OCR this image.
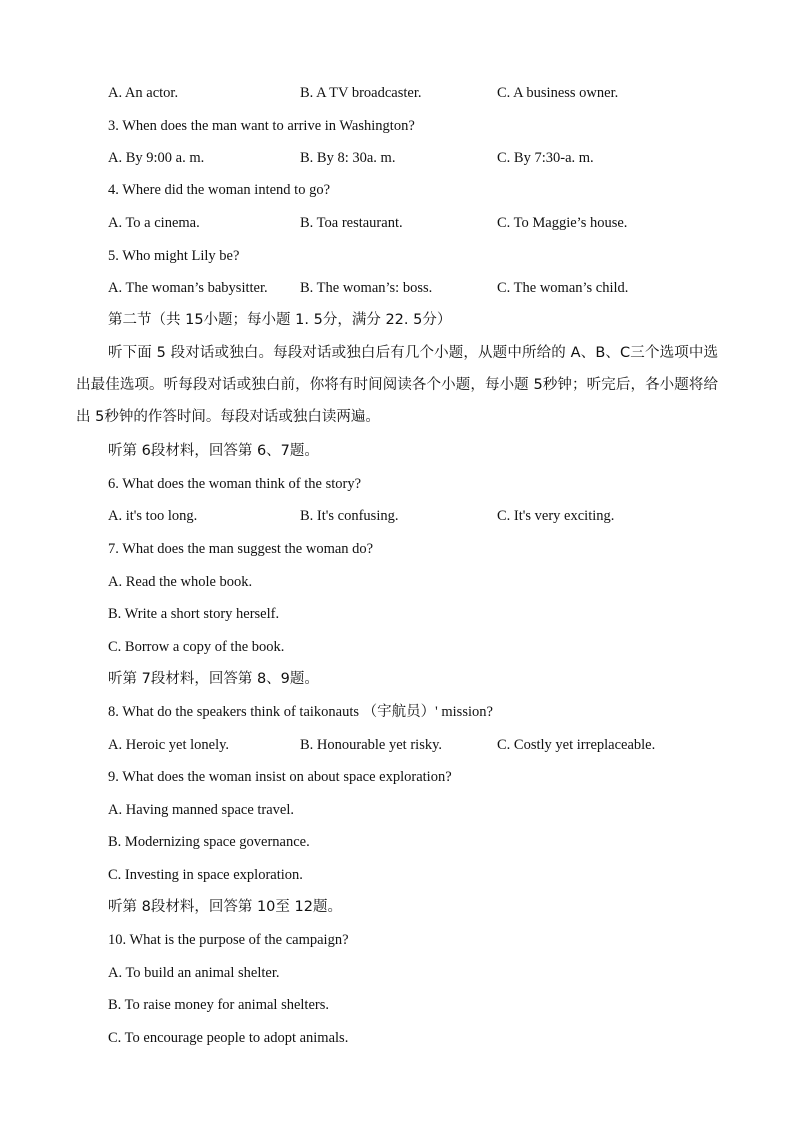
A. An actor.	B. A TV broadcaster.	C. A business owner.
3. When does the man want to arrive in Washington?
A. By 9:00 a. m.	B. By 8: 30a. m.	C. By 7:30-a. m.
4. Where did the woman intend to go?
A. To a cinema.	B. Toa restaurant.	C. To Maggie’s house.
5. Who might Lily be?
A. The woman’s babysitter. B. The woman’s: boss.	C. The woman’s child.
第二节（共 15小题；每小题 1. 5分，满分 22. 5分）
听下面 5 段对话或独白。每段对话或独白后有几个小题，从题中所给的 A、B、C三个选项中选出最佳选项。听每段对话或独白前，你将有时间阅读各个小题，每小题 5秒钟；听完后，各小题将给出 5秒钟的作答时间。每段对话或独白读两遍。
听第 6段材料，回答第 6、7题。
6. What does the woman think of the story?
A. it's too long.	B. It's confusing.	C. It's very exciting.
7. What does the man suggest the woman do?
A. Read the whole book.
B. Write a short story herself.
C. Borrow a copy of the book.
听第 7段材料，回答第 8、9题。
8. What do the speakers think of taikonauts （宇航员）' mission?
A. Heroic yet lonely.	B. Honourable yet risky.	C. Costly yet irreplaceable.
9. What does the woman insist on about space exploration?
A. Having manned space travel.
B. Modernizing space governance.
C. Investing in space exploration.
听第 8段材料，回答第 10至 12题。
10. What is the purpose of the campaign?
A. To build an animal shelter.
B. To raise money for animal shelters.
C. To encourage people to adopt animals.
